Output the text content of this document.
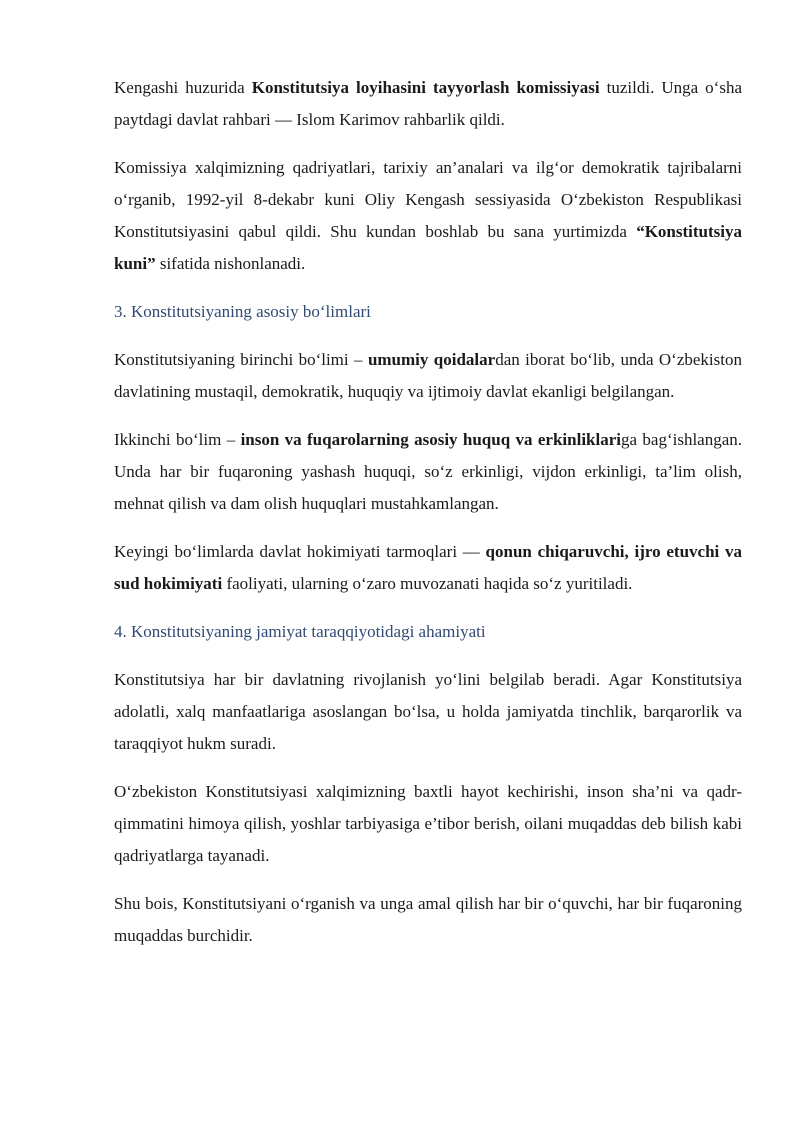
Kengashi huzurida Konstitutsiya loyihasini tayyorlash komissiyasi tuzildi. Unga o‘sha paytdagi davlat rahbari — Islom Karimov rahbarlik qildi.

Komissiya xalqimizning qadriyatlari, tarixiy an’analari va ilg‘or demokratik tajribalarni o‘rganib, 1992-yil 8-dekabr kuni Oliy Kengash sessiyasida O‘zbekiston Respublikasi Konstitutsiyasini qabul qildi. Shu kundan boshlab bu sana yurtimizda “Konstitutsiya kuni” sifatida nishonlanadi.

3. Konstitutsiyaning asosiy bo‘limlari

Konstitutsiyaning birinchi bo‘limi – umumiy qoidalardan iborat bo‘lib, unda O‘zbekiston davlatining mustaqil, demokratik, huquqiy va ijtimoiy davlat ekanligi belgilangan.

Ikkinchi bo‘lim – inson va fuqarolarning asosiy huquq va erkinliklariga bag‘ishlangan. Unda har bir fuqaroning yashash huquqi, so‘z erkinligi, vijdon erkinligi, ta’lim olish, mehnat qilish va dam olish huquqlari mustahkamlangan.

Keyingi bo‘limlarda davlat hokimiyati tarmoqlari — qonun chiqaruvchi, ijro etuvchi va sud hokimiyati faoliyati, ularning o‘zaro muvozanati haqida so‘z yuritiladi.

4. Konstitutsiyaning jamiyat taraqqiyotidagi ahamiyati

Konstitutsiya har bir davlatning rivojlanish yo‘lini belgilab beradi. Agar Konstitutsiya adolatli, xalq manfaatlariga asoslangan bo‘lsa, u holda jamiyatda tinchlik, barqarorlik va taraqqiyot hukm suradi.

O‘zbekiston Konstitutsiyasi xalqimizning baxtli hayot kechirishi, inson sha’ni va qadr-qimmatini himoya qilish, yoshlar tarbiyasiga e’tibor berish, oilani muqaddas deb bilish kabi qadriyatlarga tayanadi.

Shu bois, Konstitutsiyani o‘rganish va unga amal qilish har bir o‘quvchi, har bir fuqaroning muqaddas burchidir.
